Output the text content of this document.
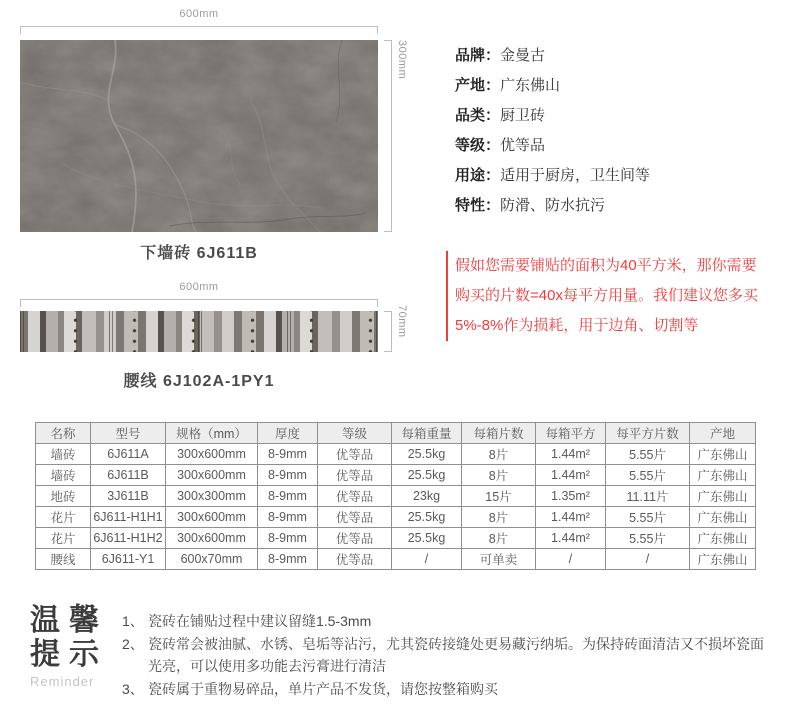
600mm
300mm
下墙砖 6J611B
600mm
70mm
腰线 6J102A-1PY1
品牌： 金曼古
产地： 广东佛山
品类： 厨卫砖
等级： 优等品
用途： 适用于厨房，卫生间等
特性： 防滑、防水抗污
假如您需要铺贴的面积为40平方米，那你需要购买的片数=40x每平方用量。我们建议您多买5%-8%作为损耗，用于边角、切割等
名称	型号	规格（mm）	厚度	等级	每箱重量	每箱片数	每箱平方	每平方片数	产地
墙砖	6J611A	300x600mm	8-9mm	优等品	25.5kg	8片	1.44m²	5.55片	广东佛山
墙砖	6J611B	300x600mm	8-9mm	优等品	25.5kg	8片	1.44m²	5.55片	广东佛山
地砖	3J611B	300x300mm	8-9mm	优等品	23kg	15片	1.35m²	11.11片	广东佛山
花片	6J611-H1H1	300x600mm	8-9mm	优等品	25.5kg	8片	1.44m²	5.55片	广东佛山
花片	6J611-H1H2	300x600mm	8-9mm	优等品	25.5kg	8片	1.44m²	5.55片	广东佛山
腰线	6J611-Y1	600x70mm	8-9mm	优等品	/	可单卖	/	/	广东佛山
温馨
提示
Reminder
1、 瓷砖在铺贴过程中建议留缝1.5-3mm
2、 瓷砖常会被油腻、水锈、皂垢等沾污，尤其瓷砖接缝处更易藏污纳垢。为保持砖面清洁又不损坏瓷面光亮，可以使用多功能去污膏进行清洁
3、 瓷砖属于重物易碎品，单片产品不发货，请您按整箱购买
